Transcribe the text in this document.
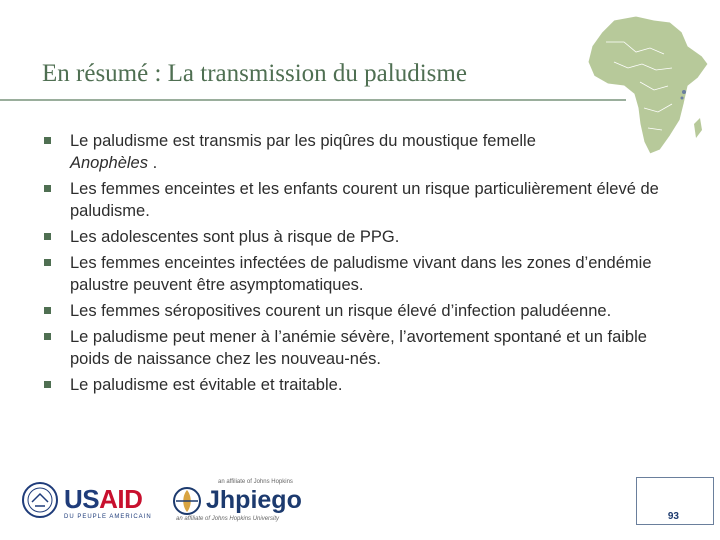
En résumé : La transmission du paludisme
Le paludisme est transmis par les piqûres du moustique femelle
Anophèles .
Les femmes enceintes et les enfants courent un risque particulièrement élevé de paludisme.
Les adolescentes sont plus à risque de PPG.
Les femmes enceintes infectées de paludisme vivant dans les zones d’endémie palustre peuvent être asymptomatiques.
Les femmes séropositives courent un risque élevé d’infection paludéenne.
Le paludisme peut mener à l’anémie sévère, l’avortement spontané et un faible poids de naissance chez les nouveau-nés.
Le paludisme est évitable et traitable.
USAID
DU PEUPLE AMERICAIN
an affiliate of Johns Hopkins
Jhpiego
an affiliate of Johns Hopkins University	93
